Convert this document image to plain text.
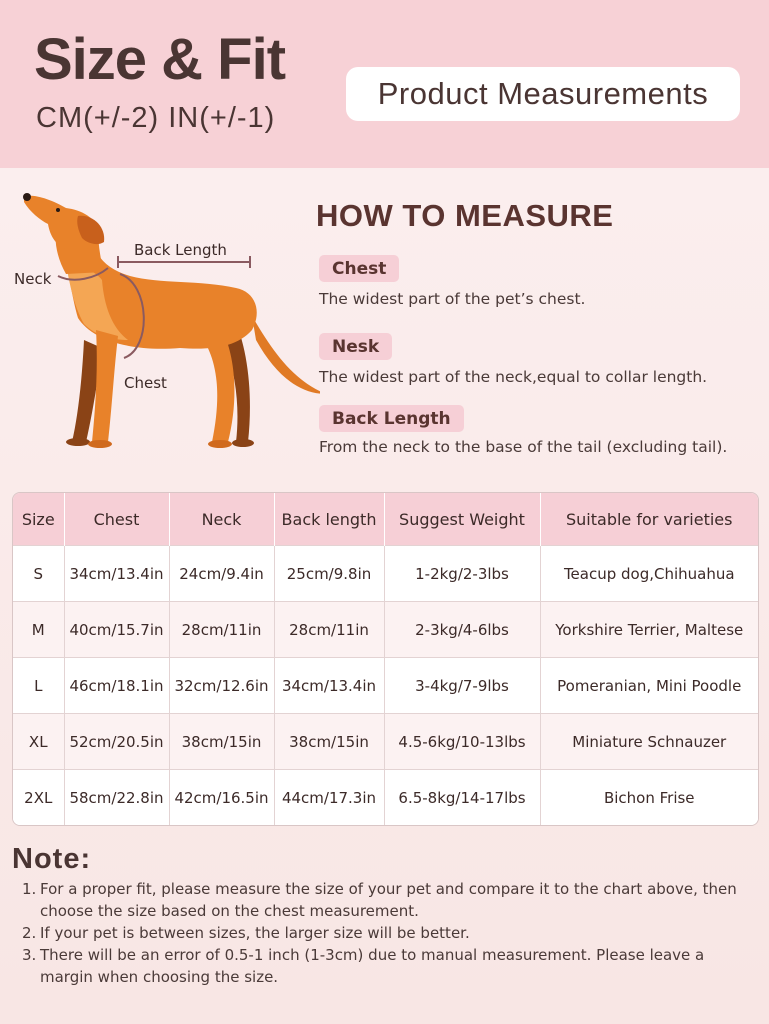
Size & Fit
CM(+/-2) IN(+/-1)
Product Measurements
Back Length
Neck
Chest
HOW TO MEASURE
Chest
The widest part of the pet’s chest.
Nesk
The widest part of the neck,equal to collar length.
Back Length
From the neck to the base of the tail (excluding tail).
Size	Chest	Neck	Back length	Suggest Weight	Suitable for varieties
S	34cm/13.4in	24cm/9.4in	25cm/9.8in	1-2kg/2-3lbs	Teacup dog,Chihuahua
M	40cm/15.7in	28cm/11in	28cm/11in	2-3kg/4-6lbs	Yorkshire Terrier, Maltese
L	46cm/18.1in	32cm/12.6in	34cm/13.4in	3-4kg/7-9lbs	Pomeranian, Mini Poodle
XL	52cm/20.5in	38cm/15in	38cm/15in	4.5-6kg/10-13lbs	Miniature Schnauzer
2XL	58cm/22.8in	42cm/16.5in	44cm/17.3in	6.5-8kg/14-17lbs	Bichon Frise
Note:
1. For a proper fit, please measure the size of your pet and compare it to the chart above, then choose the size based on the chest measurement.
2. If your pet is between sizes, the larger size will be better.
3. There will be an error of 0.5-1 inch (1-3cm) due to manual measurement. Please leave a margin when choosing the size.
